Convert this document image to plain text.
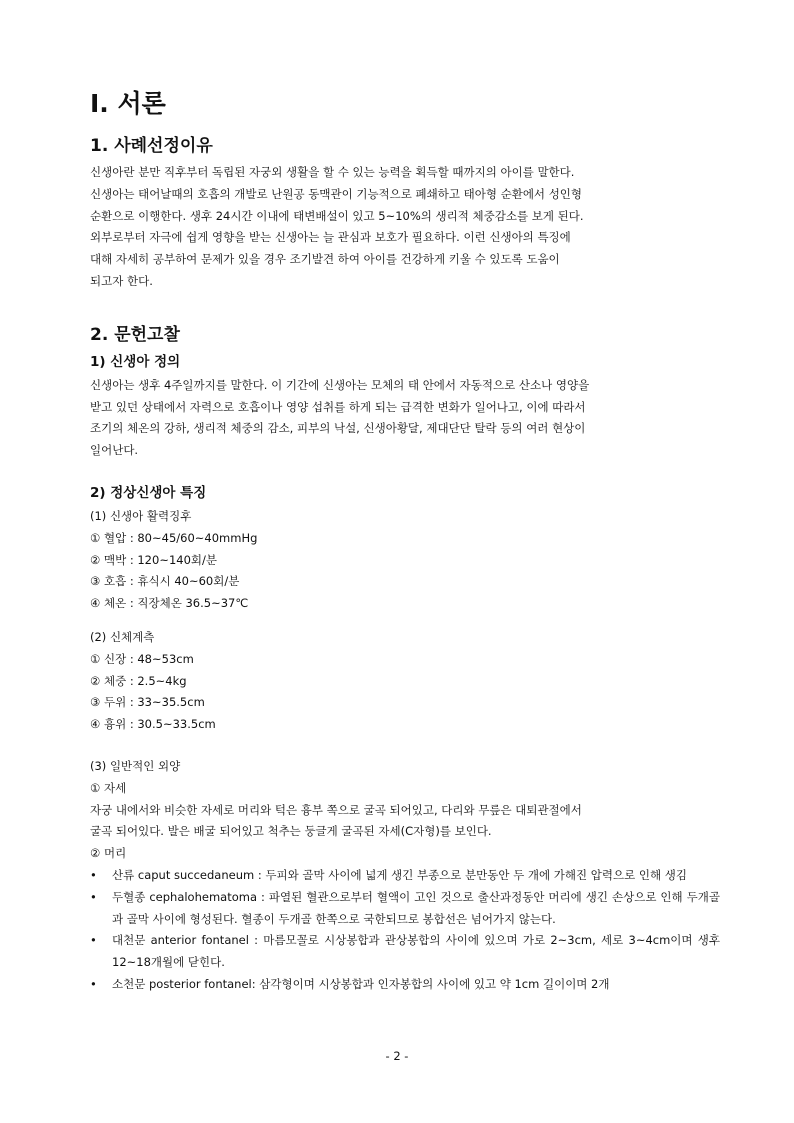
Ⅰ. 서론
1. 사례선정이유
신생아란 분만 직후부터 독립된 자궁외 생활을 할 수 있는 능력을 획득할 때까지의 아이를 말한다.
신생아는 태어날때의 호흡의 개발로 난원공 동맥관이 기능적으로 폐쇄하고 태아형 순환에서 성인형
순환으로 이행한다. 생후 24시간 이내에 태변배설이 있고 5~10%의 생리적 체중감소를 보게 된다.
외부로부터 자극에 쉽게 영향을 받는 신생아는 늘 관심과 보호가 필요하다. 이런 신생아의 특징에
대해 자세히 공부하여 문제가 있을 경우 조기발견 하여 아이를 건강하게 키울 수 있도록 도움이
되고자 한다.
2. 문헌고찰
1) 신생아 정의
신생아는 생후 4주일까지를 말한다. 이 기간에 신생아는 모체의 태 안에서 자동적으로 산소나 영양을
받고 있던 상태에서 자력으로 호흡이나 영양 섭취를 하게 되는 급격한 변화가 일어나고, 이에 따라서
조기의 체온의 강하, 생리적 체중의 감소, 피부의 낙설, 신생아황달, 제대단단 탈락 등의 여러 현상이
일어난다.
2) 정상신생아 특징
(1) 신생아 활력징후
① 혈압 : 80~45/60~40mmHg
② 맥박 : 120~140회/분
③ 호흡 : 휴식시 40~60회/분
④ 체온 : 직장체온 36.5~37℃
(2) 신체계측
① 신장 : 48~53cm
② 체중 : 2.5~4kg
③ 두위 : 33~35.5cm
④ 흉위 : 30.5~33.5cm
(3) 일반적인 외양
① 자세
자궁 내에서와 비슷한 자세로 머리와 턱은 흉부 쪽으로 굴곡 되어있고, 다리와 무릎은 대퇴관절에서
굴곡 되어있다. 발은 배굴 되어있고 척추는 둥글게 굴곡된 자세(C자형)를 보인다.
② 머리
• 산류 caput succedaneum : 두피와 골막 사이에 넓게 생긴 부종으로 분만동안 두 개에 가해진 압력으로 인해 생김
• 두혈종 cephalohematoma : 파열된 혈관으로부터 혈액이 고인 것으로 출산과정동안 머리에 생긴 손상으로 인해 두개골과 골막 사이에 형성된다. 혈종이 두개골 한쪽으로 국한되므로 봉합선은 넘어가지 않는다.
• 대천문 anterior fontanel : 마름모꼴로 시상봉합과 관상봉합의 사이에 있으며 가로 2~3cm, 세로 3~4cm이며 생후 12~18개월에 닫힌다.
• 소천문 posterior fontanel: 삼각형이며 시상봉합과 인자봉합의 사이에 있고 약 1cm 길이이며 2개
- 2 -
